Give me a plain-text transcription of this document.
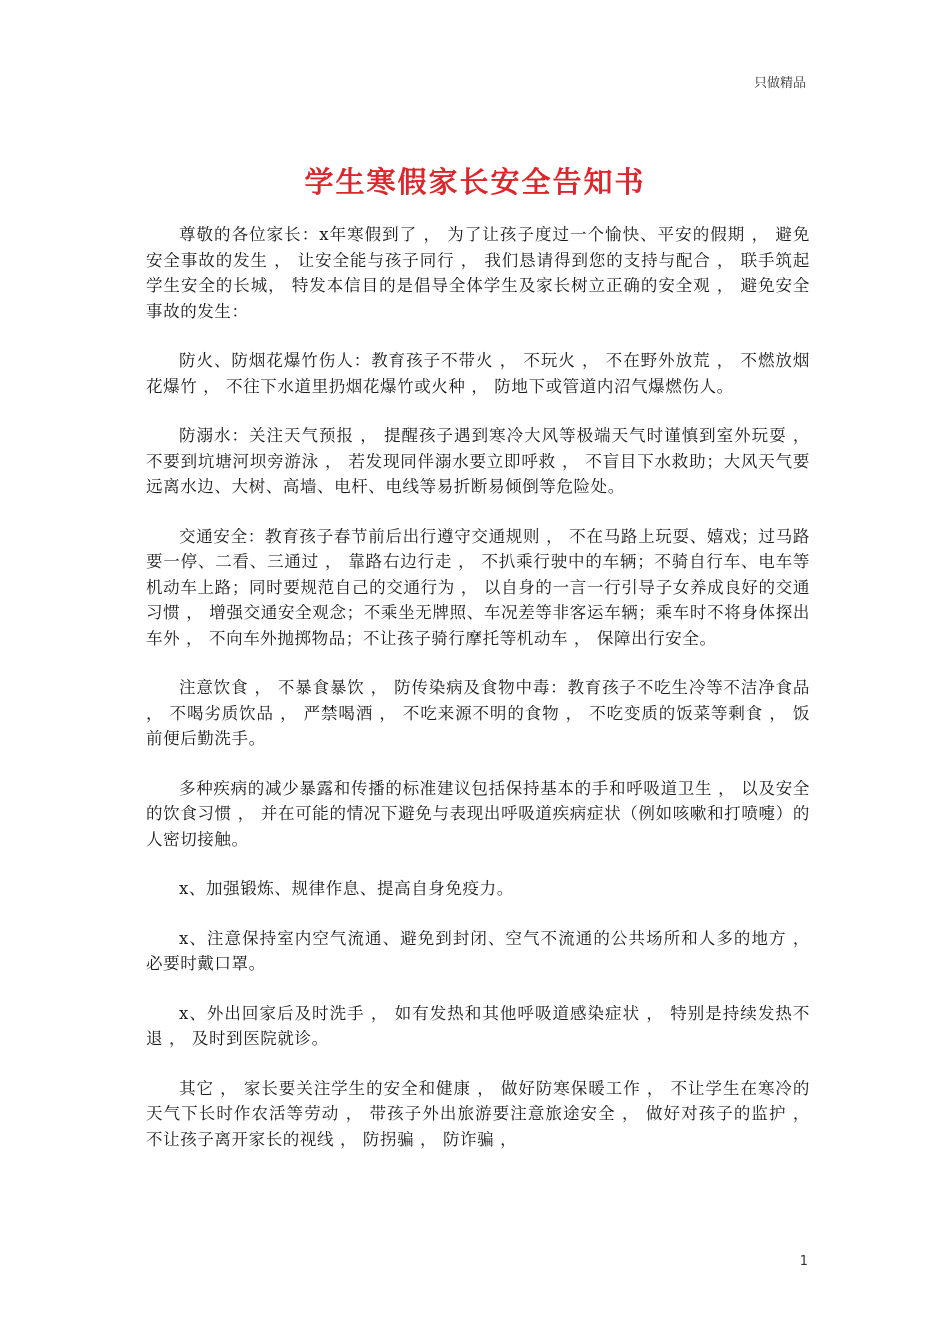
只做精品
学生寒假家长安全告知书

尊敬的各位家长：x年寒假到了 ， 为了让孩子度过一个愉快、平安的假期 ， 避免安全事故的发生 ， 让安全能与孩子同行 ， 我们恳请得到您的支持与配合 ， 联手筑起学生安全的长城， 特发本信目的是倡导全体学生及家长树立正确的安全观 ， 避免安全事故的发生：

防火、防烟花爆竹伤人：教育孩子不带火 ， 不玩火 ， 不在野外放荒 ， 不燃放烟花爆竹 ， 不往下水道里扔烟花爆竹或火种 ， 防地下或管道内沼气爆燃伤人。

防溺水：关注天气预报 ， 提醒孩子遇到寒冷大风等极端天气时谨慎到室外玩耍 ， 不要到坑塘河坝旁游泳 ， 若发现同伴溺水要立即呼救 ， 不盲目下水救助；大风天气要远离水边、大树、高墙、电杆、电线等易折断易倾倒等危险处。

交通安全：教育孩子春节前后出行遵守交通规则 ， 不在马路上玩耍、嬉戏；过马路要一停、二看、三通过 ， 靠路右边行走 ， 不扒乘行驶中的车辆；不骑自行车、电车等机动车上路；同时要规范自己的交通行为 ， 以自身的一言一行引导子女养成良好的交通习惯 ， 增强交通安全观念；不乘坐无牌照、车况差等非客运车辆；乘车时不将身体探出车外 ， 不向车外抛掷物品；不让孩子骑行摩托等机动车 ， 保障出行安全。

注意饮食 ， 不暴食暴饮 ， 防传染病及食物中毒：教育孩子不吃生冷等不洁净食品 ， 不喝劣质饮品 ， 严禁喝酒 ， 不吃来源不明的食物 ， 不吃变质的饭菜等剩食 ， 饭前便后勤洗手。

多种疾病的减少暴露和传播的标准建议包括保持基本的手和呼吸道卫生 ， 以及安全的饮食习惯 ， 并在可能的情况下避免与表现出呼吸道疾病症状（例如咳嗽和打喷嚏）的人密切接触。

x、加强锻炼、规律作息、提高自身免疫力。

x、注意保持室内空气流通、避免到封闭、空气不流通的公共场所和人多的地方 ， 必要时戴口罩。

x、外出回家后及时洗手 ， 如有发热和其他呼吸道感染症状 ， 特别是持续发热不退 ， 及时到医院就诊。

其它 ， 家长要关注学生的安全和健康 ， 做好防寒保暖工作 ， 不让学生在寒冷的天气下长时作农活等劳动 ， 带孩子外出旅游要注意旅途安全 ， 做好对孩子的监护 ， 不让孩子离开家长的视线 ， 防拐骗 ， 防诈骗 ，

1
